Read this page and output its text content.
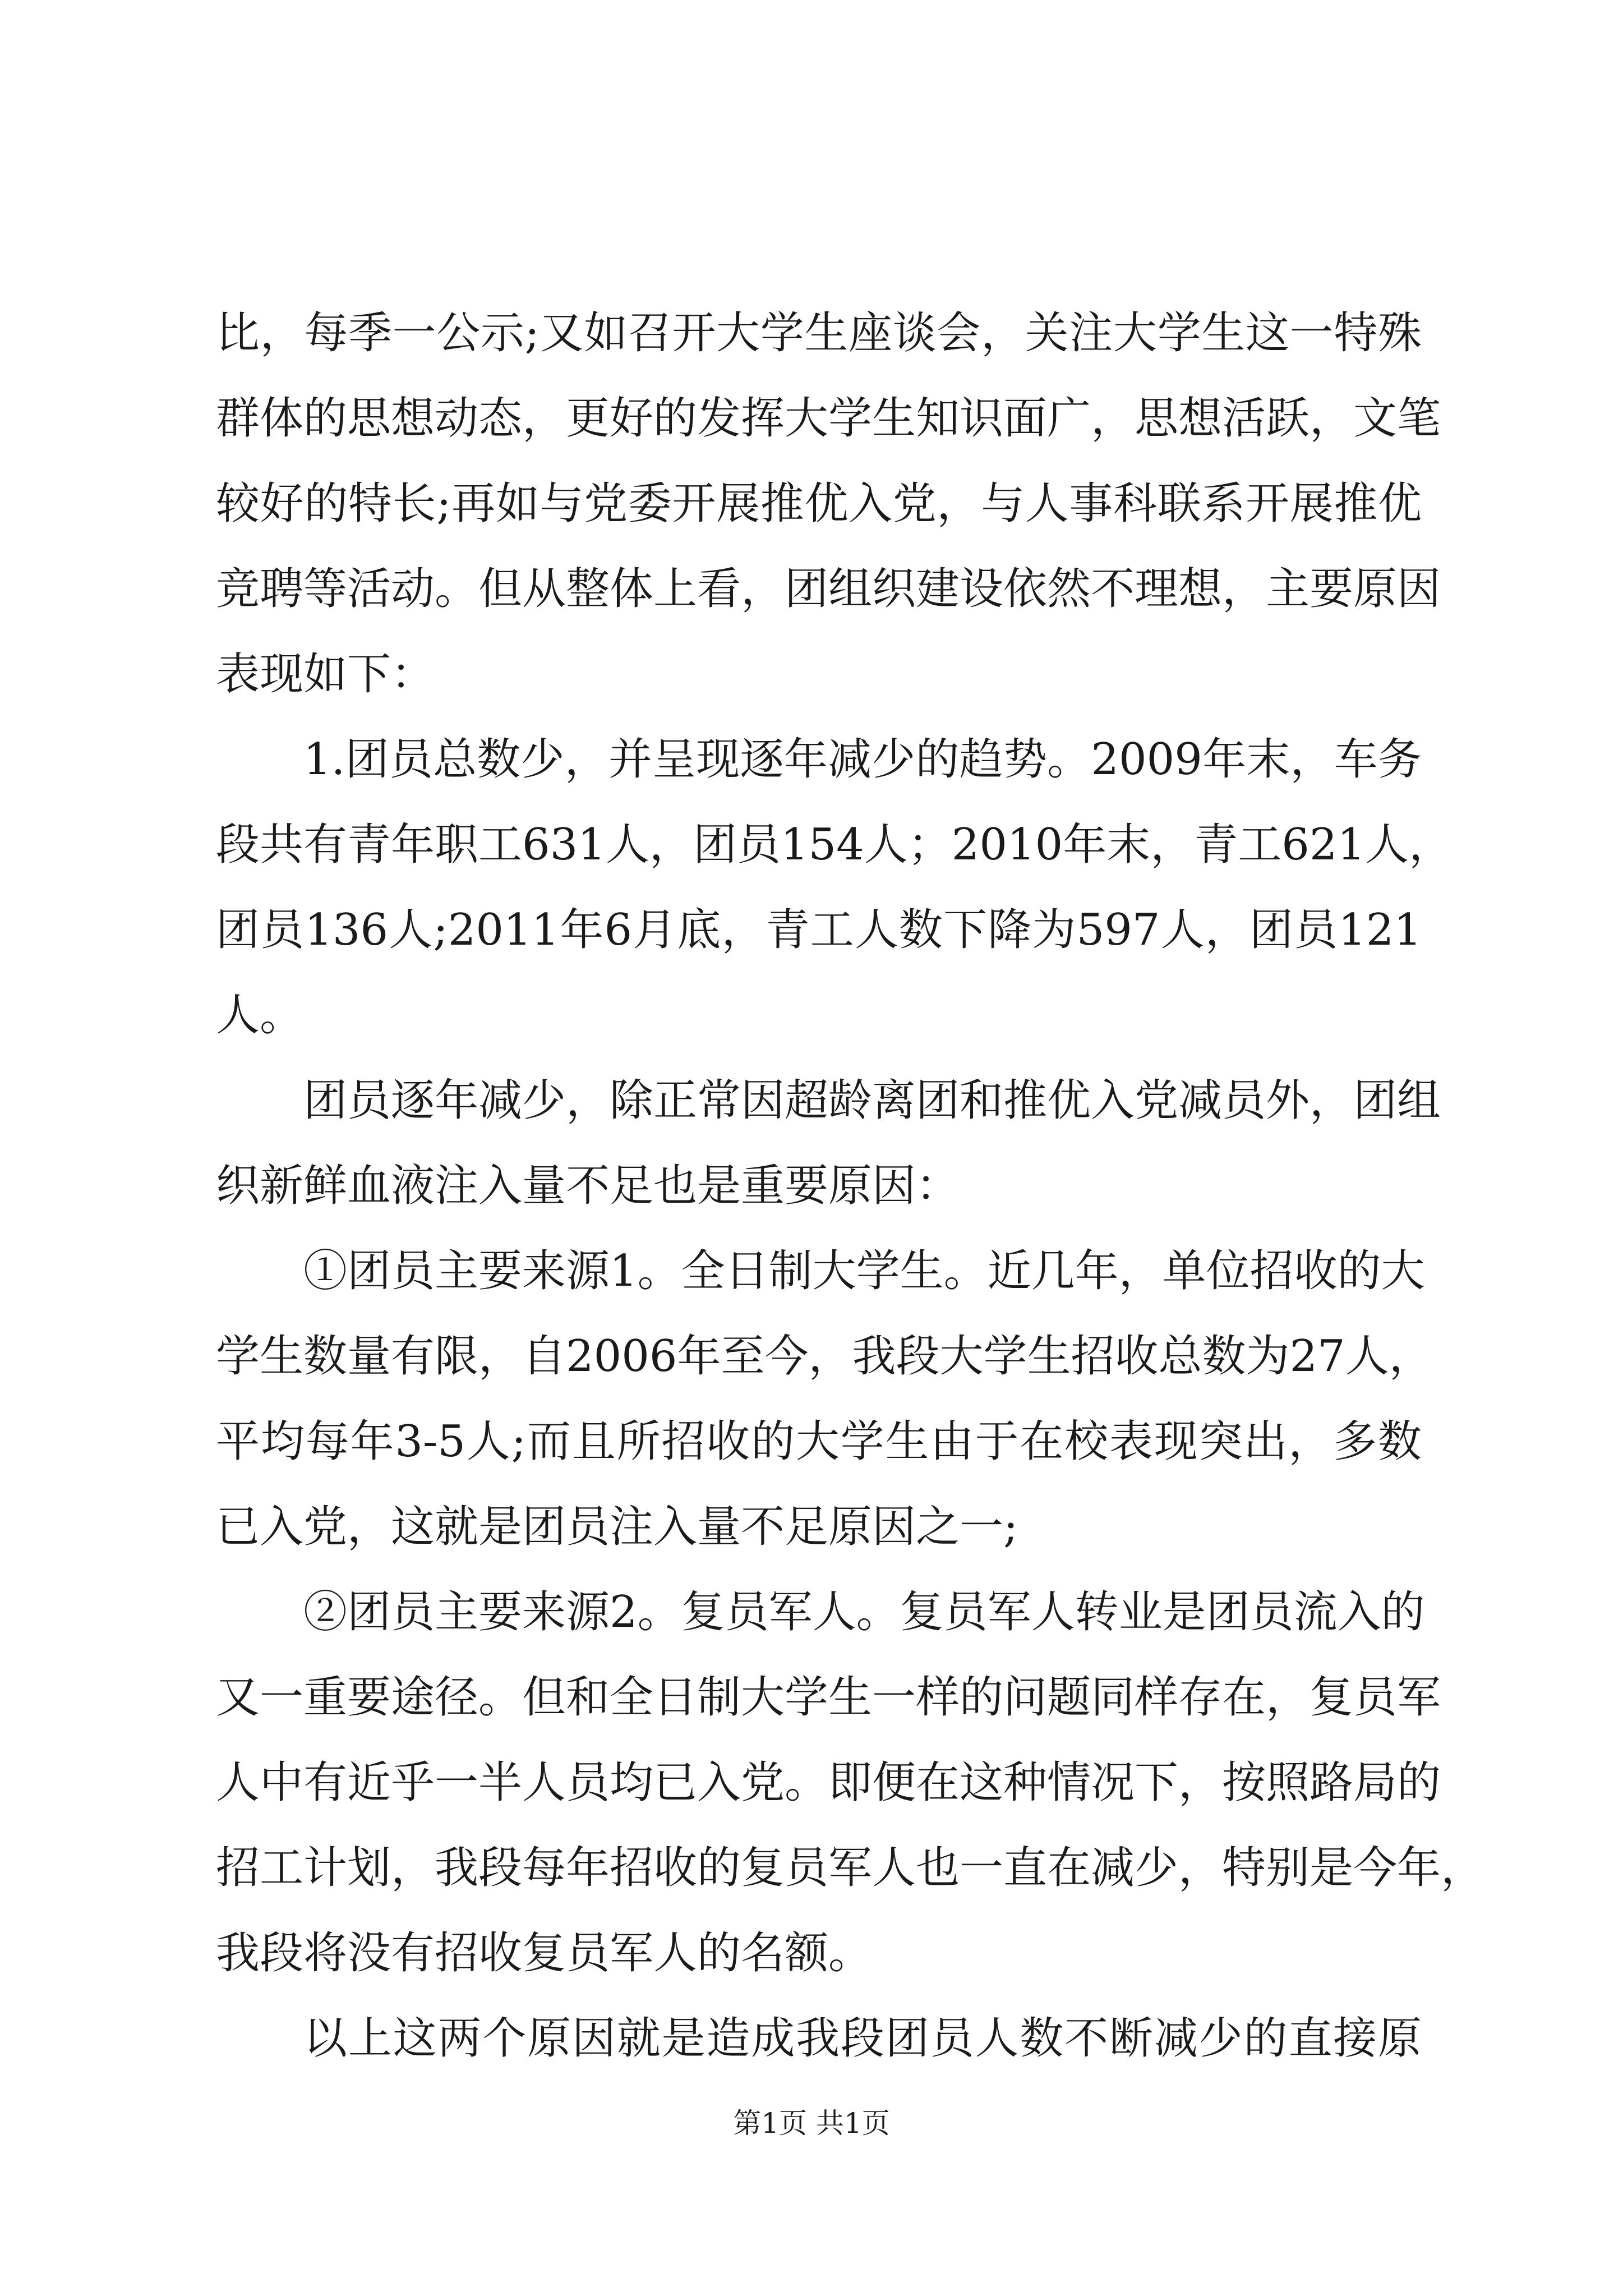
比，每季一公示;又如召开大学生座谈会，关注大学生这一特殊
群体的思想动态，更好的发挥大学生知识面广，思想活跃，文笔
较好的特长;再如与党委开展推优入党，与人事科联系开展推优
竞聘等活动。但从整体上看，团组织建设依然不理想，主要原因
表现如下：
1.团员总数少，并呈现逐年减少的趋势。2009年末，车务
段共有青年职工631人，团员154人；2010年末，青工621人，
团员136人;2011年6月底，青工人数下降为597人，团员121
人。
团员逐年减少，除正常因超龄离团和推优入党减员外，团组
织新鲜血液注入量不足也是重要原因：
①团员主要来源1。全日制大学生。近几年，单位招收的大
学生数量有限，自2006年至今，我段大学生招收总数为27人，
平均每年3-5人;而且所招收的大学生由于在校表现突出，多数
已入党，这就是团员注入量不足原因之一;
②团员主要来源2。复员军人。复员军人转业是团员流入的
又一重要途径。但和全日制大学生一样的问题同样存在，复员军
人中有近乎一半人员均已入党。即便在这种情况下，按照路局的
招工计划，我段每年招收的复员军人也一直在减少，特别是今年，
我段将没有招收复员军人的名额。
以上这两个原因就是造成我段团员人数不断减少的直接原
第1页 共1页
